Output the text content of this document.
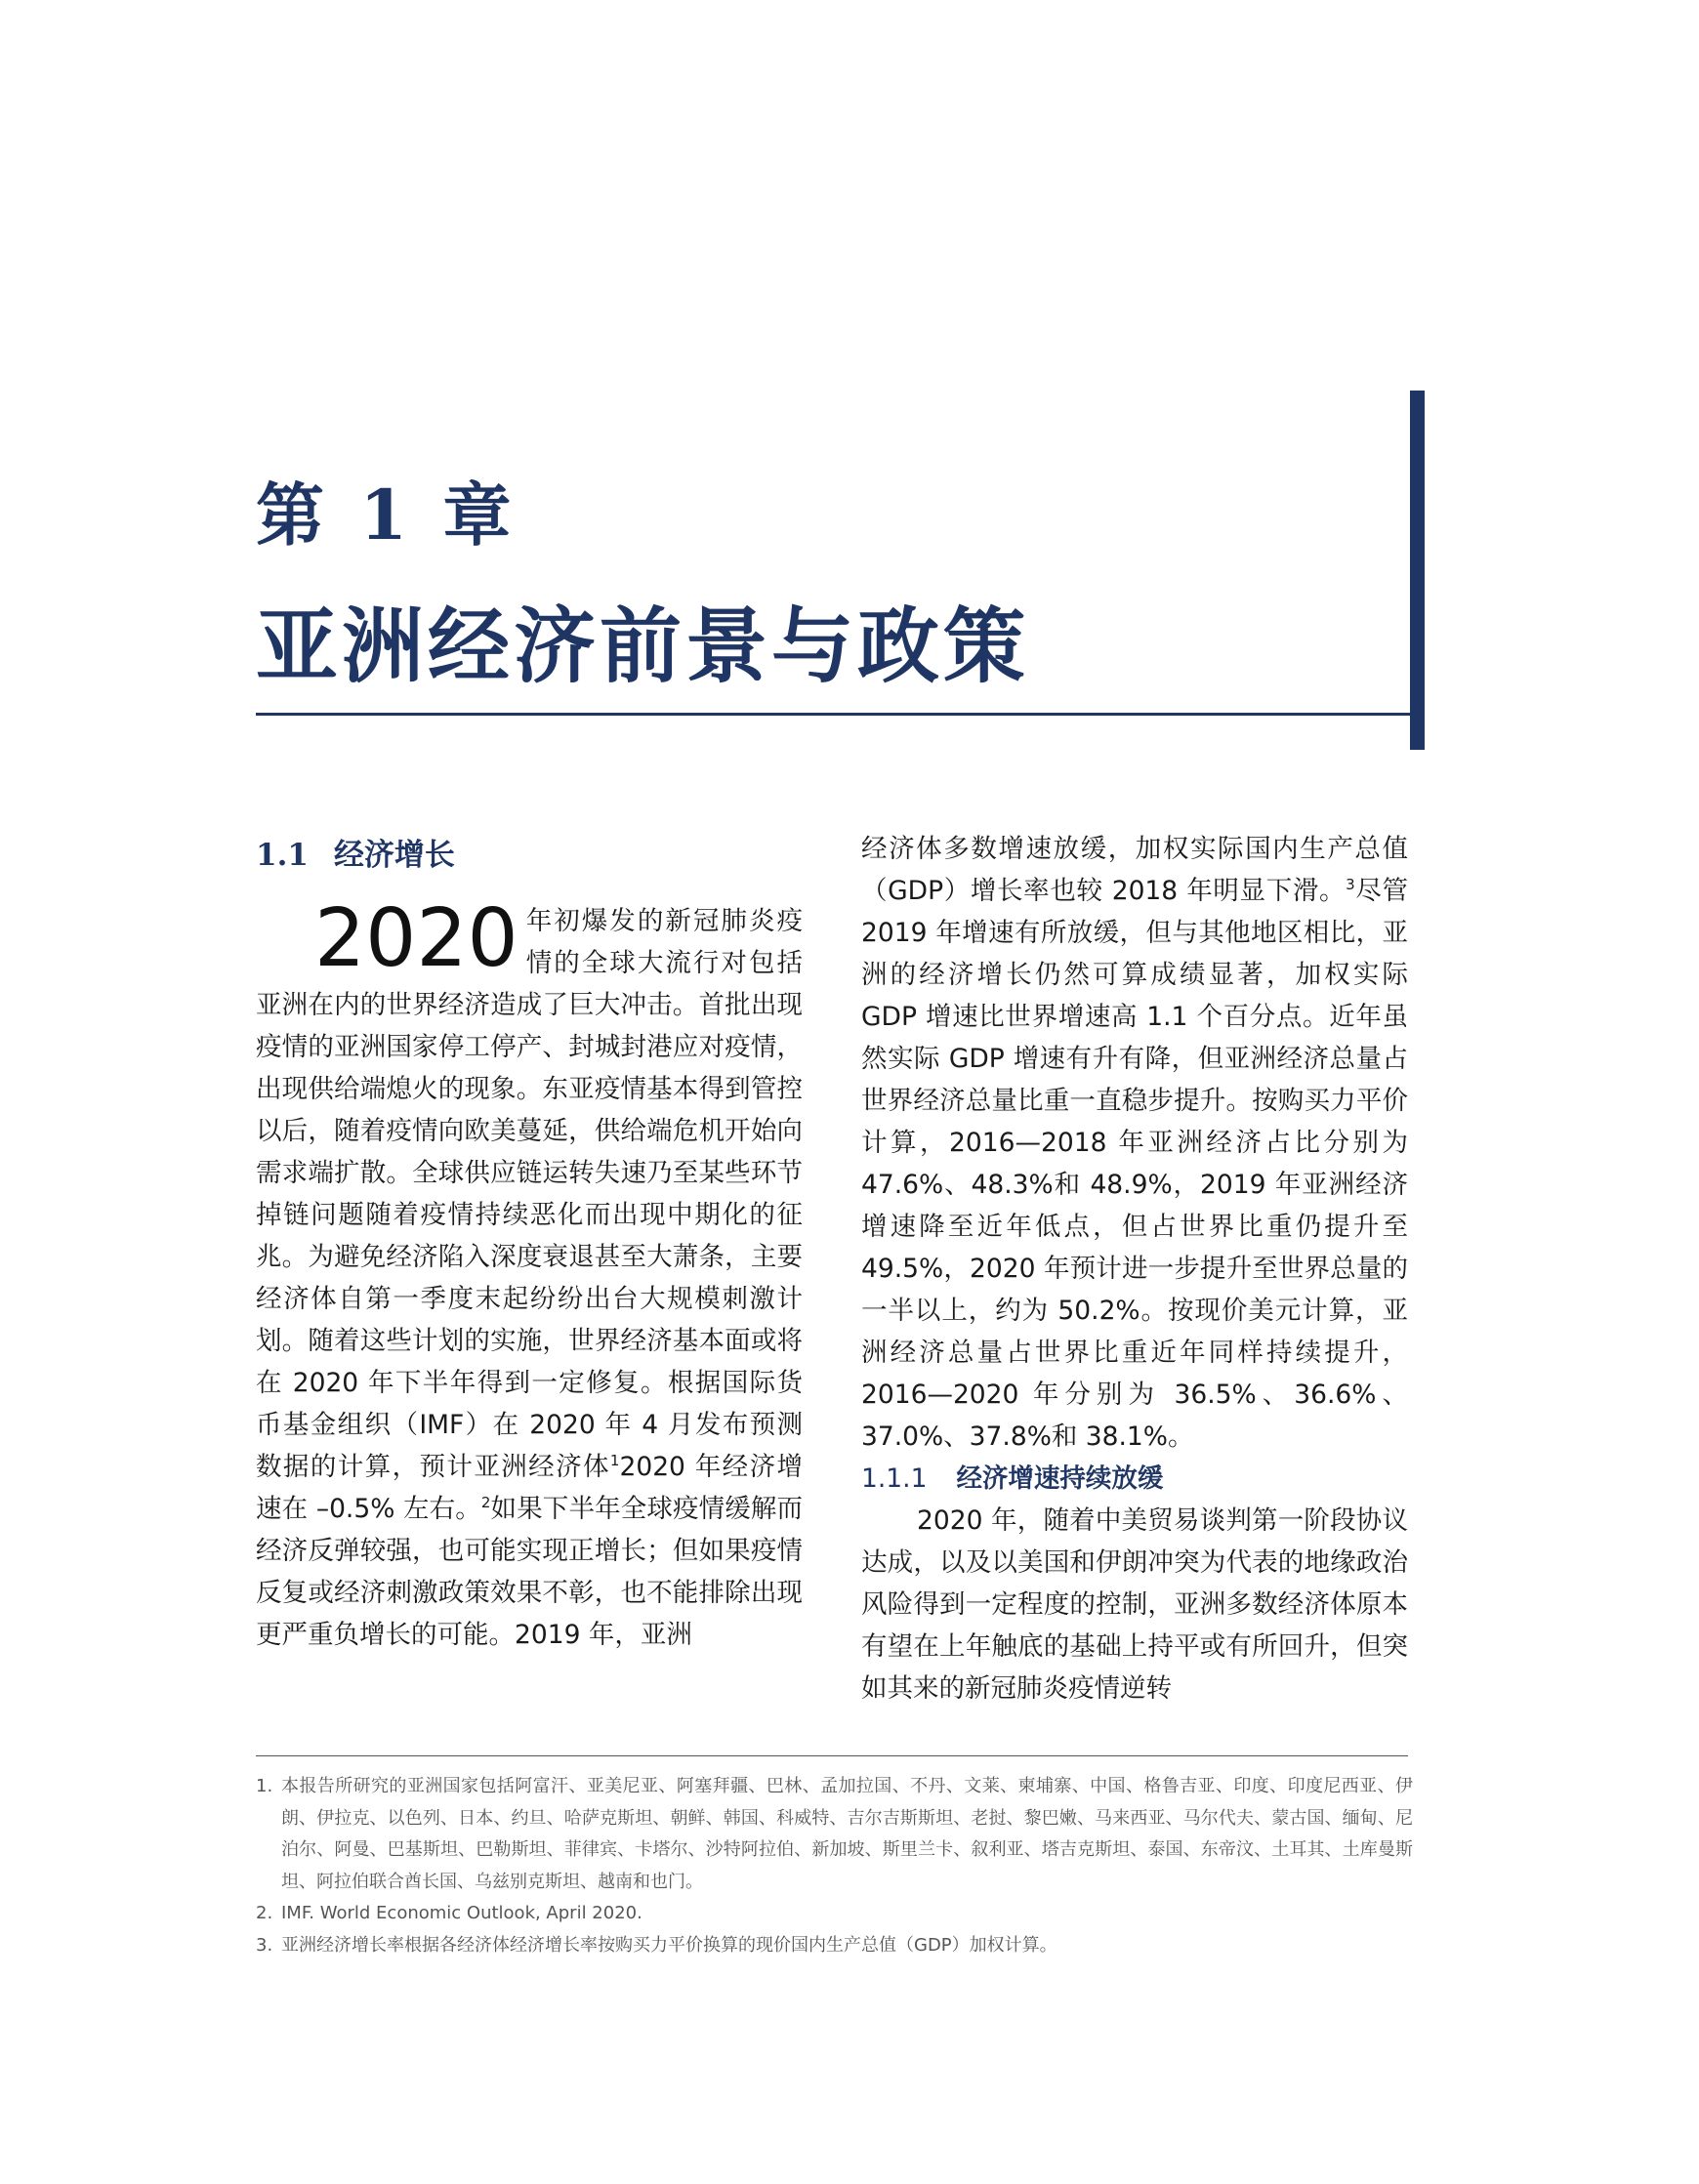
第 1 章
亚洲经济前景与政策
1.1 经济增长

2020 年初爆发的新冠肺炎疫情的全球大流行对包括亚洲在内的世界经济造成了巨大冲击。首批出现疫情的亚洲国家停工停产、封城封港应对疫情，出现供给端熄火的现象。东亚疫情基本得到管控以后，随着疫情向欧美蔓延，供给端危机开始向需求端扩散。全球供应链运转失速乃至某些环节掉链问题随着疫情持续恶化而出现中期化的征兆。为避免经济陷入深度衰退甚至大萧条，主要经济体自第一季度末起纷纷出台大规模刺激计划。随着这些计划的实施，世界经济基本面或将在 2020 年下半年得到一定修复。根据国际货币基金组织（IMF）在 2020 年 4 月发布预测数据的计算，预计亚洲经济体$^1$2020 年经济增速在 –0.5% 左右。$^2$如果下半年全球疫情缓解而经济反弹较强，也可能实现正增长；但如果疫情反复或经济刺激政策效果不彰，也不能排除出现更严重负增长的可能。2019 年，亚洲

经济体多数增速放缓，加权实际国内生产总值（GDP）增长率也较 2018 年明显下滑。$^3$尽管 2019 年增速有所放缓，但与其他地区相比，亚洲的经济增长仍然可算成绩显著，加权实际 GDP 增速比世界增速高 1.1 个百分点。近年虽然实际 GDP 增速有升有降，但亚洲经济总量占世界经济总量比重一直稳步提升。按购买力平价计算，2016—2018 年亚洲经济占比分别为 47.6%、48.3%和 48.9%，2019 年亚洲经济增速降至近年低点，但占世界比重仍提升至 49.5%，2020 年预计进一步提升至世界总量的一半以上，约为 50.2%。按现价美元计算，亚洲经济总量占世界比重近年同样持续提升，2016—2020 年分别为 36.5%、36.6%、37.0%、37.8%和 38.1%。

1.1.1 经济增速持续放缓

2020 年，随着中美贸易谈判第一阶段协议达成，以及以美国和伊朗冲突为代表的地缘政治风险得到一定程度的控制，亚洲多数经济体原本有望在上年触底的基础上持平或有所回升，但突如其来的新冠肺炎疫情逆转

1. 本报告所研究的亚洲国家包括阿富汗、亚美尼亚、阿塞拜疆、巴林、孟加拉国、不丹、文莱、柬埔寨、中国、格鲁吉亚、印度、印度尼西亚、伊朗、伊拉克、以色列、日本、约旦、哈萨克斯坦、朝鲜、韩国、科威特、吉尔吉斯斯坦、老挝、黎巴嫩、马来西亚、马尔代夫、蒙古国、缅甸、尼泊尔、阿曼、巴基斯坦、巴勒斯坦、菲律宾、卡塔尔、沙特阿拉伯、新加坡、斯里兰卡、叙利亚、塔吉克斯坦、泰国、东帝汶、土耳其、土库曼斯坦、阿拉伯联合酋长国、乌兹别克斯坦、越南和也门。
2. IMF. World Economic Outlook, April 2020.
3. 亚洲经济增长率根据各经济体经济增长率按购买力平价换算的现价国内生产总值（GDP）加权计算。
